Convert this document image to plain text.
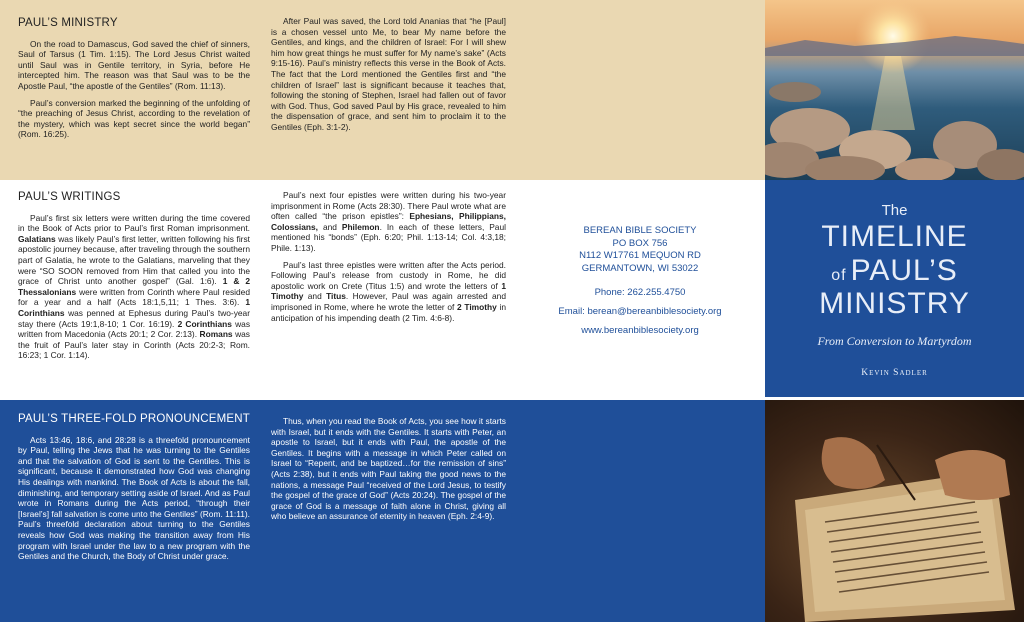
PAUL’S MINISTRY

On the road to Damascus, God saved the chief of sinners, Saul of Tarsus (1 Tim. 1:15). The Lord Jesus Christ waited until Saul was in Gentile territory, in Syria, before He intercepted him. The reason was that Saul was to be the Apostle Paul, “the apostle of the Gentiles” (Rom. 11:13).

Paul’s conversion marked the beginning of the unfolding of “the preaching of Jesus Christ, according to the revelation of the mystery, which was kept secret since the world began” (Rom. 16:25).

After Paul was saved, the Lord told Ananias that “he [Paul] is a chosen vessel unto Me, to bear My name before the Gentiles, and kings, and the children of Israel: For I will shew him how great things he must suffer for My name’s sake” (Acts 9:15-16). Paul’s ministry reflects this verse in the Book of Acts. The fact that the Lord mentioned the Gentiles first and “the children of Israel” last is significant because it teaches that, following the stoning of Stephen, Israel had fallen out of favor with God. Thus, God saved Paul by His grace, revealed to him the dispensation of grace, and sent him to proclaim it to the Gentiles (Eph. 3:1-2).

PAUL’S WRITINGS

Paul’s first six letters were written during the time covered in the Book of Acts prior to Paul’s first Roman imprisonment. Galatians was likely Paul’s first letter, written following his first apostolic journey because, after traveling through the southern part of Galatia, he wrote to the Galatians, marveling that they were “SO SOON removed from Him that called you into the grace of Christ unto another gospel” (Gal. 1:6). 1 & 2 Thessalonians were written from Corinth where Paul resided for a year and a half (Acts 18:1,5,11; 1 Thes. 3:6). 1 Corinthians was penned at Ephesus during Paul’s two-year stay there (Acts 19:1,8-10; 1 Cor. 16:19). 2 Corinthians was written from Macedonia (Acts 20:1; 2 Cor. 2:13). Romans was the fruit of Paul’s later stay in Corinth (Acts 20:2-3; Rom. 16:23; 1 Cor. 1:14).

Paul’s next four epistles were written during his two-year imprisonment in Rome (Acts 28:30). There Paul wrote what are often called “the prison epistles”: Ephesians, Philippians, Colossians, and Philemon. In each of these letters, Paul mentioned his “bonds” (Eph. 6:20; Phil. 1:13-14; Col. 4:3,18; Phile. 1:13).

Paul’s last three epistles were written after the Acts period. Following Paul’s release from custody in Rome, he did apostolic work on Crete (Titus 1:5) and wrote the letters of 1 Timothy and Titus. However, Paul was again arrested and imprisoned in Rome, where he wrote the letter of 2 Timothy in anticipation of his impending death (2 Tim. 4:6-8).

BEREAN BIBLE SOCIETY
PO BOX 756
N112 W17761 MEQUON RD
GERMANTOWN, WI 53022
Phone: 262.255.4750
Email: berean@bereanbiblesociety.org
www.bereanbiblesociety.org
PAUL’S THREE-FOLD PRONOUNCEMENT

Acts 13:46, 18:6, and 28:28 is a threefold pronouncement by Paul, telling the Jews that he was turning to the Gentiles and that the salvation of God is sent to the Gentiles. This is significant, because it demonstrated how God was changing His dealings with mankind. The Book of Acts is about the fall, diminishing, and temporary setting aside of Israel. And as Paul wrote in Romans during the Acts period, “through their [Israel’s] fall salvation is come unto the Gentiles” (Rom. 11:11). Paul’s threefold declaration about turning to the Gentiles reveals how God was making the transition away from His program with Israel under the law to a new program with the Gentiles and the Church, the Body of Christ under grace.

Thus, when you read the Book of Acts, you see how it starts with Israel, but it ends with the Gentiles. It starts with Peter, an apostle to Israel, but it ends with Paul, the apostle of the Gentiles. It begins with a message in which Peter called on Israel to “Repent, and be baptized…for the remission of sins” (Acts 2:38), but it ends with Paul taking the good news to the nations, a message Paul “received of the Lord Jesus, to testify the gospel of the grace of God” (Acts 20:24). The gospel of the grace of God is a message of faith alone in Christ, giving all who believe an assurance of eternity in heaven (Eph. 2:4-9).

The
TIMELINE
of PAUL’S
MINISTRY
From Conversion to Martyrdom
Kevin Sadler
